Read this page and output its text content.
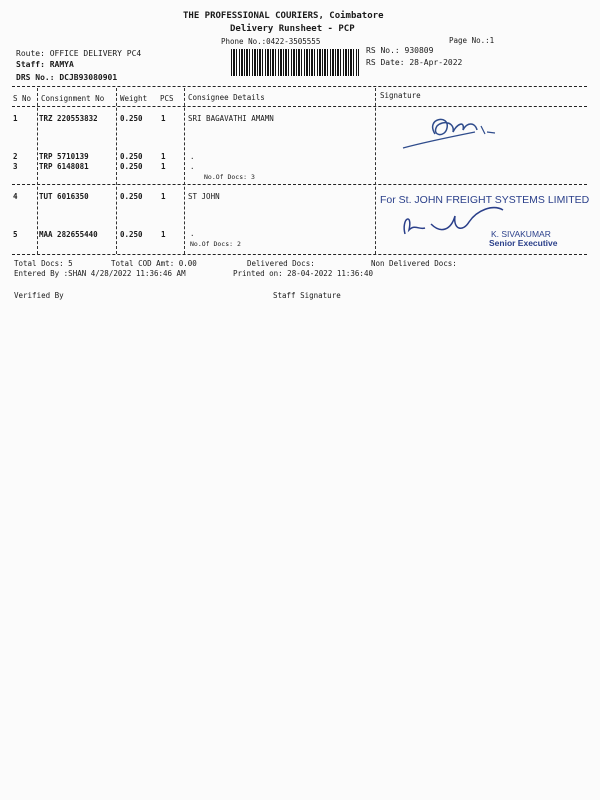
THE PROFESSIONAL COURIERS, Coimbatore
Delivery Runsheet - PCP
Phone No.:0422-3505555	Page No.:1
Route: OFFICE DELIVERY PC4
Staff: RAMYA
DRS No.: DCJB93080901
RS No.: 930809
RS Date: 28-Apr-2022
S No Consignment No Weight PCS Consignee Details	Signature
1	TRZ 220553832	0.250 1	SRI BAGAVATHI AMAMN
2	TRP 5710139	0.250 1	.
3	TRP 6148081	0.250 1	.
No.Of Docs: 3
4	TUT 6016350	0.250 1	ST JOHN
5	MAA 282655440	0.250 1	.
No.Of Docs: 2
For St. JOHN FREIGHT SYSTEMS LIMITED
K. SIVAKUMAR
Senior Executive
Total Docs: 5	Total COD Amt: 0.00	Delivered Docs:	Non Delivered Docs:
Entered By :SHAN 4/28/2022 11:36:46 AM	Printed on: 28-04-2022 11:36:40
Verified By	Staff Signature
